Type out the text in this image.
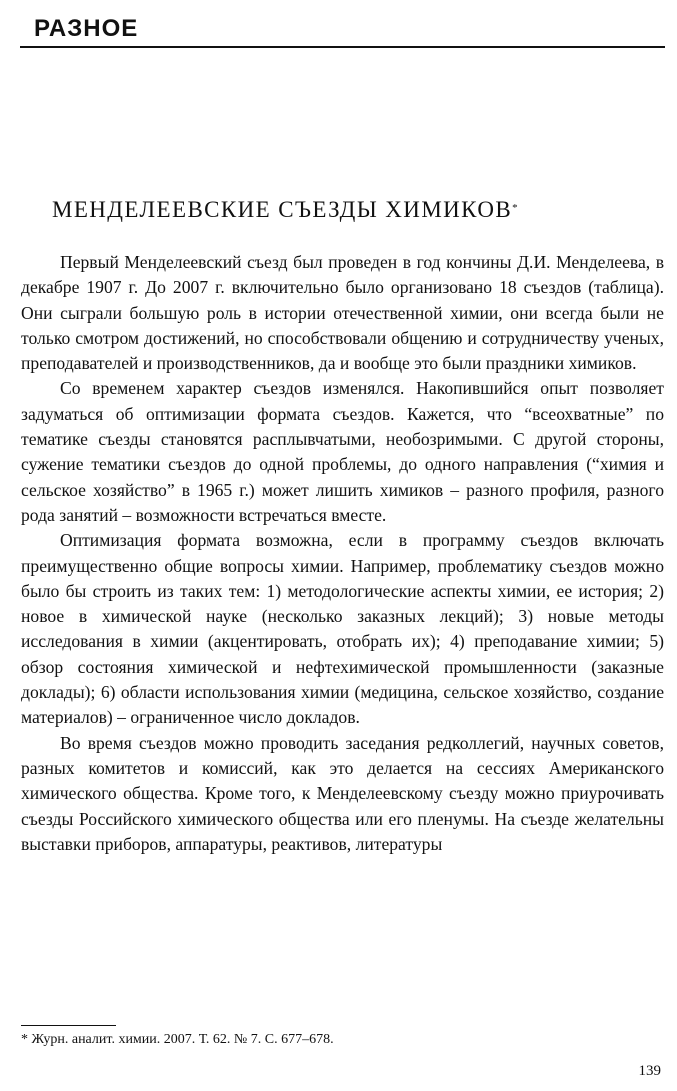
РАЗНОЕ
МЕНДЕЛЕЕВСКИЕ СЪЕЗДЫ ХИМИКОВ*

Первый Менделеевский съезд был проведен в год кончины Д.И. Менделеева, в декабре 1907 г. До 2007 г. включительно было организовано 18 съездов (таблица). Они сыграли большую роль в истории отечественной химии, они всегда были не только смотром достижений, но способствовали общению и сотрудничеству ученых, преподавателей и производственников, да и вообще это были праздники химиков.

Со временем характер съездов изменялся. Накопившийся опыт позволяет задуматься об оптимизации формата съездов. Кажется, что “всеохватные” по тематике съезды становятся расплывчатыми, необозримыми. С другой стороны, сужение тематики съездов до одной проблемы, до одного направления (“химия и сельское хозяйство” в 1965 г.) может лишить химиков – разного профиля, разного рода занятий – возможности встречаться вместе.

Оптимизация формата возможна, если в программу съездов включать преимущественно общие вопросы химии. Например, проблематику съездов можно было бы строить из таких тем: 1) методологические аспекты химии, ее история; 2) новое в химической науке (несколько заказных лекций); 3) новые методы исследования в химии (акцентировать, отобрать их); 4) преподавание химии; 5) обзор состояния химической и нефтехимической промышленности (заказные доклады); 6) области использования химии (медицина, сельское хозяйство, создание материалов) – ограниченное число докладов.

Во время съездов можно проводить заседания редколлегий, научных советов, разных комитетов и комиссий, как это делается на сессиях Американского химического общества. Кроме того, к Менделеевскому съезду можно приурочивать съезды Российского химического общества или его пленумы. На съезде желательны выставки приборов, аппаратуры, реактивов, литературы

* Журн. аналит. химии. 2007. Т. 62. № 7. С. 677–678.
139
